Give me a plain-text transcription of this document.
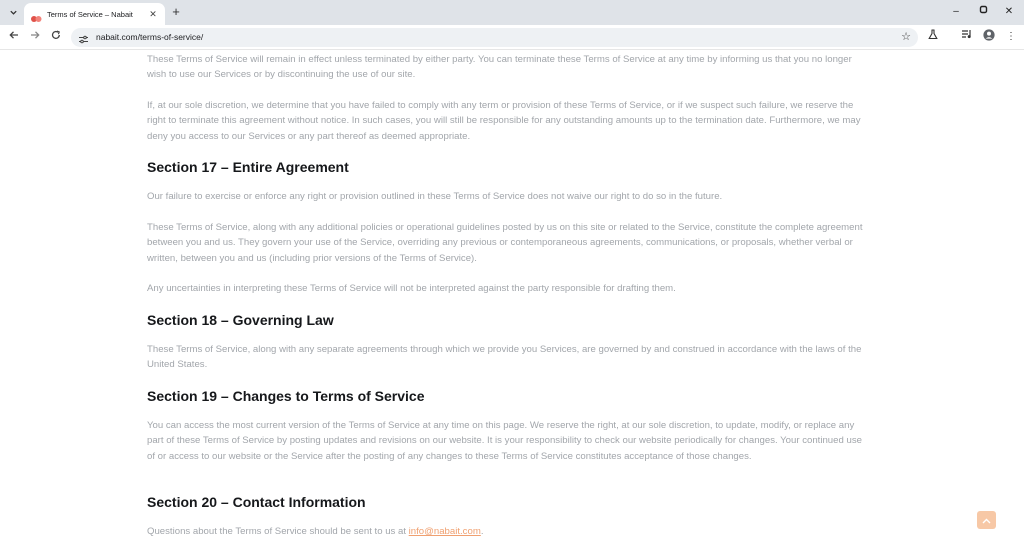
Terms of Service – Nabait	✕ +	–	✕
nabait.com/terms-of-service/	☆	⋮

These Terms of Service will remain in effect unless terminated by either party. You can terminate these Terms of Service at any time by informing us that you no longer wish to use our Services or by discontinuing the use of our site.

If, at our sole discretion, we determine that you have failed to comply with any term or provision of these Terms of Service, or if we suspect such failure, we reserve the right to terminate this agreement without notice. In such cases, you will still be responsible for any outstanding amounts up to the termination date. Furthermore, we may deny you access to our Services or any part thereof as deemed appropriate.

Section 17 – Entire Agreement

Our failure to exercise or enforce any right or provision outlined in these Terms of Service does not waive our right to do so in the future.

These Terms of Service, along with any additional policies or operational guidelines posted by us on this site or related to the Service, constitute the complete agreement between you and us. They govern your use of the Service, overriding any previous or contemporaneous agreements, communications, or proposals, whether verbal or written, between you and us (including prior versions of the Terms of Service).

Any uncertainties in interpreting these Terms of Service will not be interpreted against the party responsible for drafting them.

Section 18 – Governing Law

These Terms of Service, along with any separate agreements through which we provide you Services, are governed by and construed in accordance with the laws of the United States.

Section 19 – Changes to Terms of Service

You can access the most current version of the Terms of Service at any time on this page. We reserve the right, at our sole discretion, to update, modify, or replace any part of these Terms of Service by posting updates and revisions on our website. It is your responsibility to check our website periodically for changes. Your continued use of or access to our website or the Service after the posting of any changes to these Terms of Service constitutes acceptance of those changes.

Section 20 – Contact Information

Questions about the Terms of Service should be sent to us at info@nabait.com.
